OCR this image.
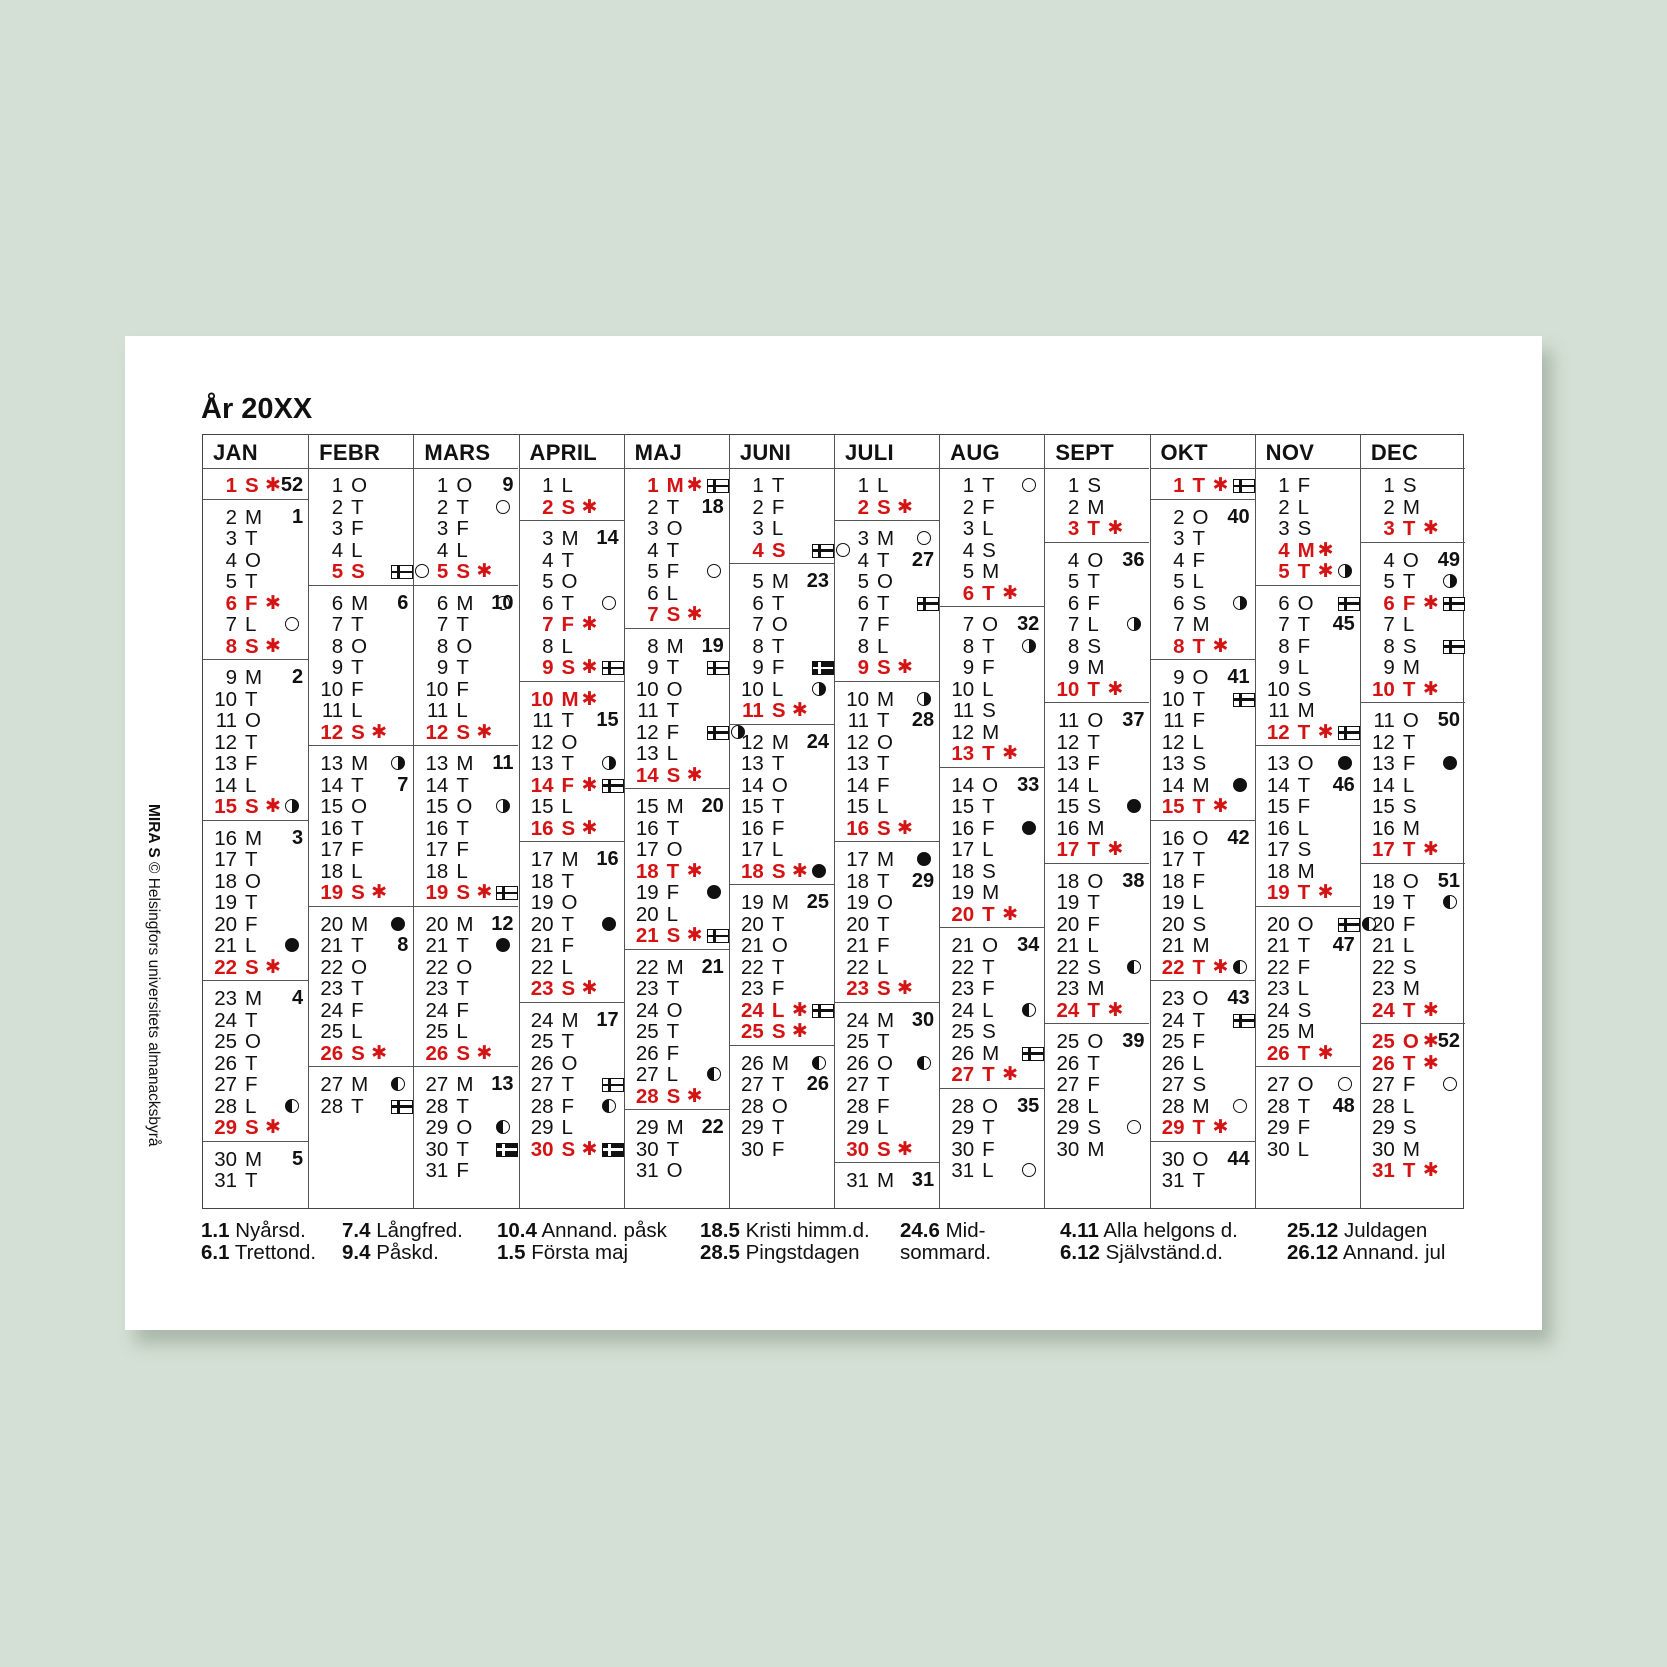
År 20XX
JAN
1 S ✱ 52
2 M 1
3 T
4 O
5 T
6 F ✱
7 L
8 S ✱
9 M 2
10 T
11 O
12 T
13 F
14 L
15 S ✱
16 M 3
17 T
18 O
19 T
20 F
21 L
22 S ✱
23 M 4
24 T
25 O
26 T
27 F
28 L
29 S ✱
30 M 5
31 T
FEBR
1 O
2 T
3 F
4 L
5 S
6 M 6
7 T
8 O
9 T
10 F
11 L
12 S ✱
13 M
14 T 7
15 O
16 T
17 F
18 L
19 S ✱
20 M
21 T 8
22 O
23 T
24 F
25 L
26 S ✱
27 M
28 T
MARS
1 O 9
2 T
3 F
4 L
5 S ✱
6 M 10
7 T
8 O
9 T
10 F
11 L
12 S ✱
13 M 11
14 T
15 O
16 T
17 F
18 L
19 S ✱
20 M 12
21 T
22 O
23 T
24 F
25 L
26 S ✱
27 M 13
28 T
29 O
30 T
31 F
APRIL
1 L
2 S ✱
3 M 14
4 T
5 O
6 T
7 F ✱
8 L
9 S ✱
10 M ✱
11 T 15
12 O
13 T
14 F ✱
15 L
16 S ✱
17 M 16
18 T
19 O
20 T
21 F
22 L
23 S ✱
24 M 17
25 T
26 O
27 T
28 F
29 L
30 S ✱
MAJ
1 M ✱
2 T 18
3 O
4 T
5 F
6 L
7 S ✱
8 M 19
9 T
10 O
11 T
12 F
13 L
14 S ✱
15 M 20
16 T
17 O
18 T ✱
19 F
20 L
21 S ✱
22 M 21
23 T
24 O
25 T
26 F
27 L
28 S ✱
29 M 22
30 T
31 O
JUNI
1 T
2 F
3 L
4 S
5 M 23
6 T
7 O
8 T
9 F
10 L
11 S ✱
12 M 24
13 T
14 O
15 T
16 F
17 L
18 S ✱
19 M 25
20 T
21 O
22 T
23 F
24 L ✱
25 S ✱
26 M
27 T 26
28 O
29 T
30 F
JULI
1 L
2 S ✱
3 M
4 T 27
5 O
6 T
7 F
8 L
9 S ✱
10 M
11 T 28
12 O
13 T
14 F
15 L
16 S ✱
17 M
18 T 29
19 O
20 T
21 F
22 L
23 S ✱
24 M 30
25 T
26 O
27 T
28 F
29 L
30 S ✱
31 M 31
AUG
1 T
2 F
3 L
4 S
5 M
6 T ✱
7 O 32
8 T
9 F
10 L
11 S
12 M
13 T ✱
14 O 33
15 T
16 F
17 L
18 S
19 M
20 T ✱
21 O 34
22 T
23 F
24 L
25 S
26 M
27 T ✱
28 O 35
29 T
30 F
31 L
SEPT
1 S
2 M
3 T ✱
4 O 36
5 T
6 F
7 L
8 S
9 M
10 T ✱
11 O 37
12 T
13 F
14 L
15 S
16 M
17 T ✱
18 O 38
19 T
20 F
21 L
22 S
23 M
24 T ✱
25 O 39
26 T
27 F
28 L
29 S
30 M
OKT
1 T ✱
2 O 40
3 T
4 F
5 L
6 S
7 M
8 T ✱
9 O 41
10 T
11 F
12 L
13 S
14 M
15 T ✱
16 O 42
17 T
18 F
19 L
20 S
21 M
22 T ✱
23 O 43
24 T
25 F
26 L
27 S
28 M
29 T ✱
30 O 44
31 T
NOV
1 F
2 L
3 S
4 M ✱
5 T ✱
6 O
7 T 45
8 F
9 L
10 S
11 M
12 T ✱
13 O
14 T 46
15 F
16 L
17 S
18 M
19 T ✱
20 O
21 T 47
22 F
23 L
24 S
25 M
26 T ✱
27 O
28 T 48
29 F
30 L
DEC
1 S
2 M
3 T ✱
4 O 49
5 T
6 F ✱
7 L
8 S
9 M
10 T ✱
11 O 50
12 T
13 F
14 L
15 S
16 M
17 T ✱
18 O 51
19 T
20 F
21 L
22 S
23 M
24 T ✱
25 O ✱
52
26 T ✱
27 F
28 L
29 S
30 M
31 T ✱
MIRA S © Helsingfors universitets almanacksbyrå
1.1 Nyårsd.
6.1 Trettond.
7.4 Långfred.
9.4 Påskd.
10.4 Annand. påsk
1.5 Första maj
18.5 Kristi himm.d.
28.5 Pingstdagen
24.6 Mid-
sommard.
4.11 Alla helgons d.
6.12 Självständ.d.
25.12 Juldagen
26.12 Annand. jul
